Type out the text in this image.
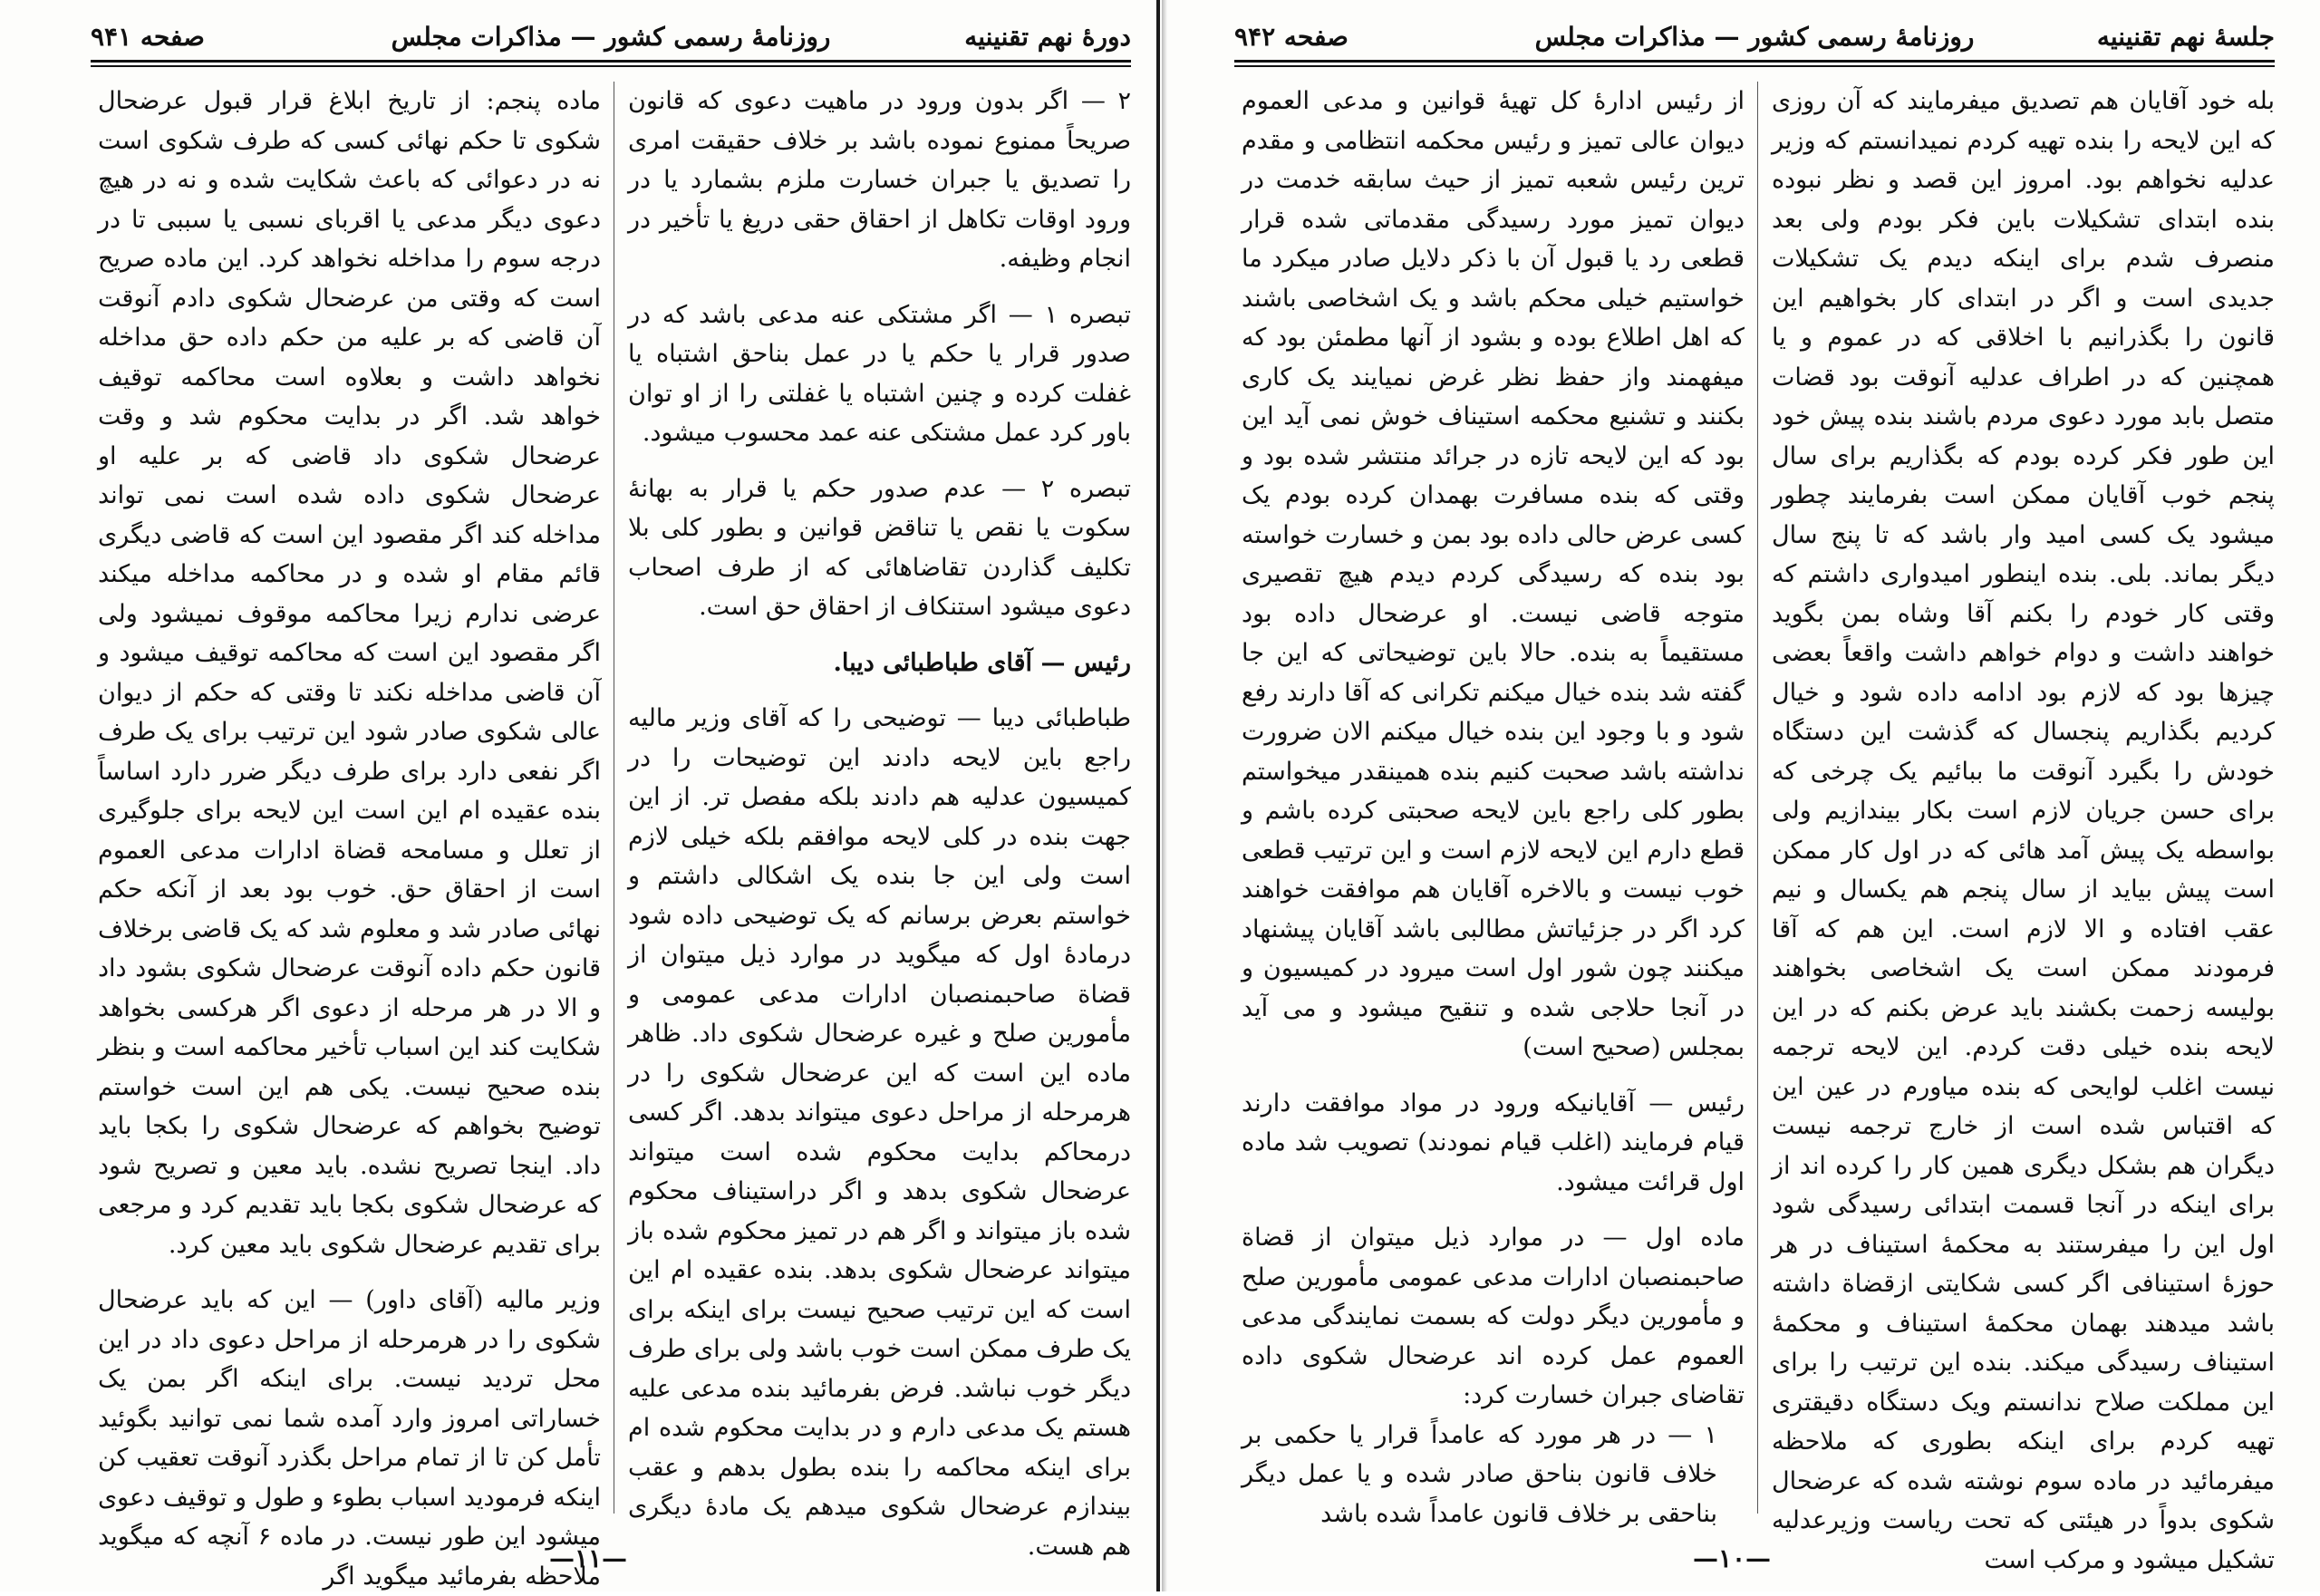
دورهٔ نهم تقنینیه
روزنامهٔ رسمی کشور — مذاکرات مجلس
صفحه ۹۴۱

۲ — اگر بدون ورود در ماهیت دعوی که قانون صریحاً ممنوع نموده باشد بر خلاف حقیقت امری را تصدیق یا جبران خسارت ملزم بشمارد یا در ورود اوقات تکاهل از احقاق حقی دریغ یا تأخیر در انجام وظیفه.

تبصره ۱ — اگر مشتکی عنه مدعی باشد که در صدور قرار یا حکم یا در عمل بناحق اشتباه یا غفلت کرده و چنین اشتباه یا غفلتی را از او توان باور کرد عمل مشتکی عنه عمد محسوب میشود.

تبصره ۲ — عدم صدور حکم یا قرار به بهانهٔ سکوت یا نقص یا تناقض قوانین و بطور کلی بلا تکلیف گذاردن تقاضاهائی که از طرف اصحاب دعوی میشود استنکاف از احقاق حق است.

رئیس — آقای طباطبائی دیبا.

طباطبائی دیبا — توضیحی را که آقای وزیر مالیه راجع باین لایحه دادند این توضیحات را در کمیسیون عدلیه هم دادند بلکه مفصل تر. از این جهت بنده در کلی لایحه موافقم بلکه خیلی لازم است ولی این جا بنده یک اشکالی داشتم و خواستم بعرض برسانم که یک توضیحی داده شود درمادهٔ اول که میگوید در موارد ذیل میتوان از قضاة صاحبمنصبان ادارات مدعی عمومی و مأمورین صلح و غیره عرضحال شکوی داد. ظاهر ماده این است که این عرضحال شکوی را در هرمرحله از مراحل دعوی میتواند بدهد. اگر کسی درمحاکم بدایت محکوم شده است میتواند عرضحال شکوی بدهد و اگر دراستیناف محکوم شده باز میتواند و اگر هم در تمیز محکوم شده باز میتواند عرضحال شکوی بدهد. بنده عقیده ام این است که این ترتیب صحیح نیست برای اینکه برای یک طرف ممکن است خوب باشد ولی برای طرف دیگر خوب نباشد. فرض بفرمائید بنده مدعی علیه هستم یک مدعی دارم و در بدایت محکوم شده ام برای اینکه محاکمه را بنده بطول بدهم و عقب بیندازم عرضحال شکوی میدهم یک مادهٔ دیگری هم هست.

ماده پنجم: از تاریخ ابلاغ قرار قبول عرضحال شکوی تا حکم نهائی کسی که طرف شکوی است نه در دعوائی که باعث شکایت شده و نه در هیچ دعوی دیگر مدعی یا اقربای نسبی یا سببی تا در درجه سوم را مداخله نخواهد کرد. این ماده صریح است که وقتی من عرضحال شکوی دادم آنوقت آن قاضی که بر علیه من حکم داده حق مداخله نخواهد داشت و بعلاوه است محاکمه توقیف خواهد شد. اگر در بدایت محکوم شد و وقت عرضحال شکوی داد قاضی که بر علیه او عرضحال شکوی داده شده است نمی تواند مداخله کند اگر مقصود این است که قاضی دیگری قائم مقام او شده و در محاکمه مداخله میکند عرضی ندارم زیرا محاکمه موقوف نمیشود ولی اگر مقصود این است که محاکمه توقیف میشود و آن قاضی مداخله نکند تا وقتی که حکم از دیوان عالی شکوی صادر شود این ترتیب برای یک طرف اگر نفعی دارد برای طرف دیگر ضرر دارد اساساً بنده عقیده ام این است این لایحه برای جلوگیری از تعلل و مسامحه قضاة ادارات مدعی العموم است از احقاق حق. خوب بود بعد از آنکه حکم نهائی صادر شد و معلوم شد که یک قاضی برخلاف قانون حکم داده آنوقت عرضحال شکوی بشود داد و الا در هر مرحله از دعوی اگر هرکسی بخواهد شکایت کند این اسباب تأخیر محاکمه است و بنظر بنده صحیح نیست. یکی هم این است خواستم توضیح بخواهم که عرضحال شکوی را بکجا باید داد. اینجا تصریح نشده. باید معین و تصریح شود که عرضحال شکوی بکجا باید تقدیم کرد و مرجعی برای تقدیم عرضحال شکوی باید معین کرد.

وزیر مالیه (آقای داور) — این که باید عرضحال شکوی را در هرمرحله از مراحل دعوی داد در این محل تردید نیست. برای اینکه اگر بمن یک خساراتی امروز وارد آمده شما نمی توانید بگوئید تأمل کن تا از تمام مراحل بگذرد آنوقت تعقیب کن اینکه فرمودید اسباب بطوء و طول و توقیف دعوی میشود این طور نیست. در ماده ۶ آنچه که میگوید ملاحظه بفرمائید میگوید اگر

—۱۱—
جلسهٔ نهم تقنینیه
روزنامهٔ رسمی کشور — مذاکرات مجلس
صفحه ۹۴۲

بله خود آقایان هم تصدیق میفرمایند که آن روزی که این لایحه را بنده تهیه کردم نمیدانستم که وزیر عدلیه نخواهم بود. امروز این قصد و نظر نبوده بنده ابتدای تشکیلات باین فکر بودم ولی بعد منصرف شدم برای اینکه دیدم یک تشکیلات جدیدی است و اگر در ابتدای کار بخواهیم این قانون را بگذرانیم با اخلاقی که در عموم و یا همچنین که در اطراف عدلیه آنوقت بود قضات متصل بابد مورد دعوی مردم باشند بنده پیش خود این طور فکر کرده بودم که بگذاریم برای سال پنجم خوب آقایان ممکن است بفرمایند چطور میشود یک کسی امید وار باشد که تا پنج سال دیگر بماند. بلی. بنده اینطور امیدواری داشتم که وقتی کار خودم را بکنم آقا وشاه بمن بگوید خواهند داشت و دوام خواهم داشت واقعاً بعضی چیزها بود که لازم بود ادامه داده شود و خیال کردیم بگذاریم پنجسال که گذشت این دستگاه خودش را بگیرد آنوقت ما ببائیم یک چرخی که برای حسن جریان لازم است بکار بیندازیم ولی بواسطه یک پیش آمد هائی که در اول کار ممکن است پیش بیاید از سال پنجم هم یکسال و نیم عقب افتاده و الا لازم است. این هم که آقا فرمودند ممکن است یک اشخاصی بخواهند بوليسه زحمت بکشند باید عرض بکنم که در این لایحه بنده خیلی دقت کردم. این لایحه ترجمه نیست اغلب لوایحی که بنده میاورم در عین این که اقتباس شده است از خارج ترجمه نیست دیگران هم بشکل دیگری همین کار را کرده اند از برای اینکه در آنجا قسمت ابتدائی رسیدگی شود اول این را میفرستند به محکمهٔ استیناف در هر حوزهٔ استینافی اگر کسی شکایتی ازقضاة داشته باشد میدهند بهمان محکمهٔ استیناف و محکمهٔ استیناف رسیدگی میکند. بنده این ترتیب را برای این مملکت صلاح ندانستم ویک دستگاه دقیقتری تهیه کردم برای اینکه بطوری که ملاحظه میفرمائید در ماده سوم نوشته شده که عرضحال شکوی بدواً در هیئتی که تحت ریاست وزیرعدلیه تشکیل میشود و مرکب است

از رئیس ادارهٔ کل تهیهٔ قوانین و مدعی العموم دیوان عالی تمیز و رئیس محکمه انتظامی و مقدم ترین رئیس شعبه تمیز از حیث سابقه خدمت در دیوان تمیز مورد رسیدگی مقدماتی شده قرار قطعی رد یا قبول آن با ذکر دلایل صادر میکرد ما خواستیم خیلی محکم باشد و یک اشخاصی باشند که اهل اطلاع بوده و بشود از آنها مطمئن بود که میفهمند واز حفظ نظر غرض نمیایند یک کاری بکنند و تشنیع محکمه استیناف خوش نمی آید این بود که این لایحه تازه در جرائد منتشر شده بود و وقتی که بنده مسافرت بهمدان کرده بودم یک کسی عرض حالی داده بود بمن و خسارت خواسته بود بنده که رسیدگی کردم دیدم هیچ تقصیری متوجه قاضی نیست. او عرضحال داده بود مستقیماً به بنده. حالا باین توضیحاتی که این جا گفته شد بنده خیال میکنم تکرانی که آقا دارند رفع شود و با وجود این بنده خیال میکنم الان ضرورت نداشته باشد صحبت کنیم بنده همینقدر میخواستم بطور کلی راجع باین لایحه صحبتی کرده باشم و قطع دارم این لایحه لازم است و این ترتیب قطعی خوب نیست و بالاخره آقایان هم موافقت خواهند کرد اگر در جزئیاتش مطالبی باشد آقایان پیشنهاد میکنند چون شور اول است میرود در کمیسیون و در آنجا حلاجی شده و تنقیح میشود و می آید بمجلس (صحیح است)

رئیس — آقایانیکه ورود در مواد موافقت دارند قیام فرمایند (اغلب قیام نمودند) تصویب شد ماده اول قرائت میشود.

ماده اول — در موارد ذیل میتوان از قضاة صاحبمنصبان ادارات مدعی عمومی مأمورین صلح و مأمورین دیگر دولت که بسمت نمایندگی مدعی العموم عمل کرده اند عرضحال شکوی داده تقاضای جبران خسارت کرد:

۱ — در هر مورد که عامداً قرار یا حکمی بر خلاف قانون بناحق صادر شده و یا عمل دیگر بناحقی بر خلاف قانون عامداً شده باشد

—۱۰—
